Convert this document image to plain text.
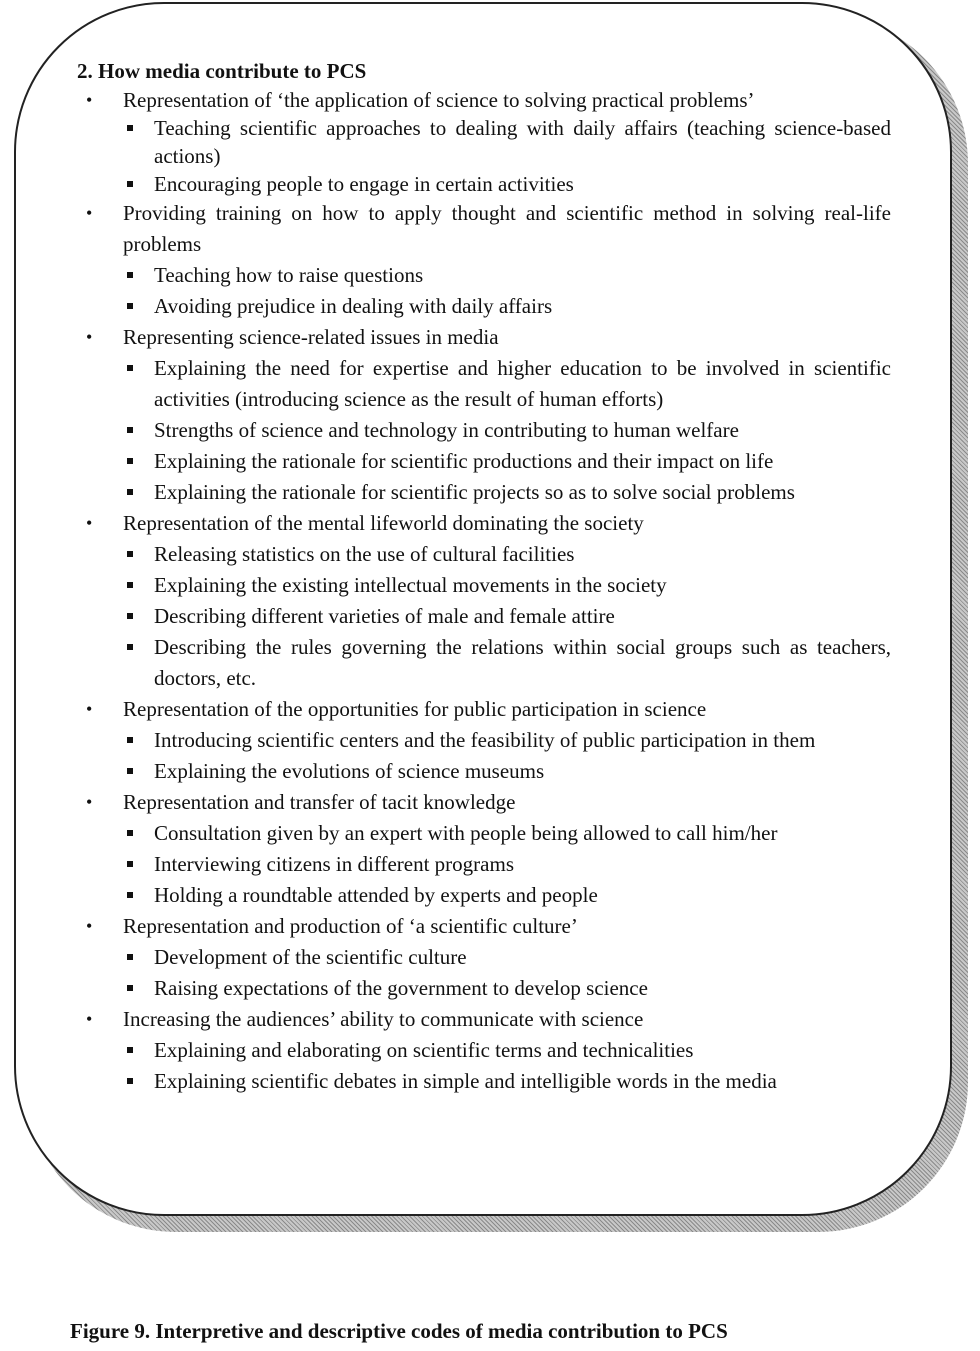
2. How media contribute to PCS
• Representation of ‘the application of science to solving practical problems’
Teaching scientific approaches to dealing with daily affairs (teaching science-based actions)
Encouraging people to engage in certain activities
• Providing training on how to apply thought and scientific method in solving real-life problems
Teaching how to raise questions
Avoiding prejudice in dealing with daily affairs
• Representing science-related issues in media
Explaining the need for expertise and higher education to be involved in scientific activities (introducing science as the result of human efforts)
Strengths of science and technology in contributing to human welfare
Explaining the rationale for scientific productions and their impact on life
Explaining the rationale for scientific projects so as to solve social problems
• Representation of the mental lifeworld dominating the society
Releasing statistics on the use of cultural facilities
Explaining the existing intellectual movements in the society
Describing different varieties of male and female attire
Describing the rules governing the relations within social groups such as teachers, doctors, etc.
• Representation of the opportunities for public participation in science
Introducing scientific centers and the feasibility of public participation in them
Explaining the evolutions of science museums
• Representation and transfer of tacit knowledge
Consultation given by an expert with people being allowed to call him/her
Interviewing citizens in different programs
Holding a roundtable attended by experts and people
• Representation and production of ‘a scientific culture’
Development of the scientific culture
Raising expectations of the government to develop science
• Increasing the audiences’ ability to communicate with science
Explaining and elaborating on scientific terms and technicalities
Explaining scientific debates in simple and intelligible words in the media
Figure 9. Interpretive and descriptive codes of media contribution to PCS
